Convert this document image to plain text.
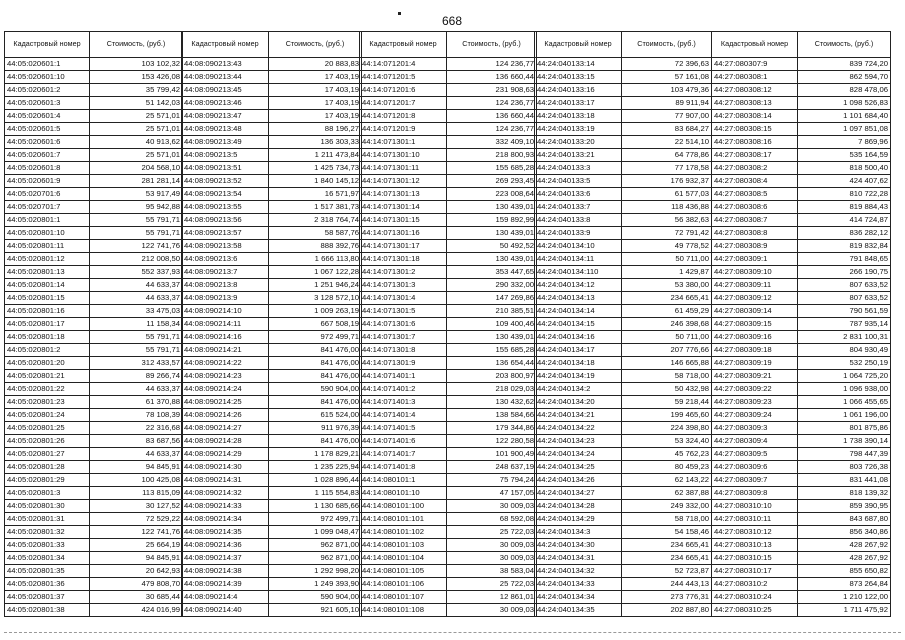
668
Кадастровый номер	Стоимость, (руб.)
44:05:020601:1	103 102,32
44:05:020601:10	153 426,08
44:05:020601:2	35 799,42
44:05:020601:3	51 142,03
44:05:020601:4	25 571,01
44:05:020601:5	25 571,01
44:05:020601:6	40 913,62
44:05:020601:7	25 571,01
44:05:020601:8	204 568,10
44:05:020601:9	281 281,14
44:05:020701:6	53 917,49
44:05:020701:7	95 942,88
44:05:020801:1	55 791,71
44:05:020801:10	55 791,71
44:05:020801:11	122 741,76
44:05:020801:12	212 008,50
44:05:020801:13	552 337,93
44:05:020801:14	44 633,37
44:05:020801:15	44 633,37
44:05:020801:16	33 475,03
44:05:020801:17	11 158,34
44:05:020801:18	55 791,71
44:05:020801:2	55 791,71
44:05:020801:20	312 433,57
44:05:020801:21	89 266,74
44:05:020801:22	44 633,37
44:05:020801:23	61 370,88
44:05:020801:24	78 108,39
44:05:020801:25	22 316,68
44:05:020801:26	83 687,56
44:05:020801:27	44 633,37
44:05:020801:28	94 845,91
44:05:020801:29	100 425,08
44:05:020801:3	113 815,09
44:05:020801:30	30 127,52
44:05:020801:31	72 529,22
44:05:020801:32	122 741,76
44:05:020801:33	25 664,19
44:05:020801:34	94 845,91
44:05:020801:35	20 642,93
44:05:020801:36	479 808,70
44:05:020801:37	30 685,44
44:05:020801:38	424 016,99
Кадастровый номер	Стоимость, (руб.)
44:08:090213:43	20 883,83
44:08:090213:44	17 403,19
44:08:090213:45	17 403,19
44:08:090213:46	17 403,19
44:08:090213:47	17 403,19
44:08:090213:48	88 196,27
44:08:090213:49	136 303,33
44:08:090213:5	1 211 473,84
44:08:090213:51	1 425 734,73
44:08:090213:52	1 840 145,12
44:08:090213:54	16 571,97
44:08:090213:55	1 517 381,73
44:08:090213:56	2 318 764,74
44:08:090213:57	58 587,76
44:08:090213:58	888 392,76
44:08:090213:6	1 666 113,80
44:08:090213:7	1 067 122,28
44:08:090213:8	1 251 946,24
44:08:090213:9	3 128 572,10
44:08:090214:10	1 009 263,19
44:08:090214:11	667 508,19
44:08:090214:16	972 499,71
44:08:090214:21	841 476,00
44:08:090214:22	841 476,00
44:08:090214:23	841 476,00
44:08:090214:24	590 904,00
44:08:090214:25	841 476,00
44:08:090214:26	615 524,00
44:08:090214:27	911 976,39
44:08:090214:28	841 476,00
44:08:090214:29	1 178 829,21
44:08:090214:30	1 235 225,94
44:08:090214:31	1 028 896,44
44:08:090214:32	1 115 554,83
44:08:090214:33	1 130 685,66
44:08:090214:34	972 499,71
44:08:090214:35	1 099 048,47
44:08:090214:36	962 871,00
44:08:090214:37	962 871,00
44:08:090214:38	1 292 998,20
44:08:090214:39	1 249 393,90
44:08:090214:4	590 904,00
44:08:090214:40	921 605,10
Кадастровый номер	Стоимость, (руб.)
44:14:071201:4	124 236,77
44:14:071201:5	136 660,44
44:14:071201:6	231 908,63
44:14:071201:7	124 236,77
44:14:071201:8	136 660,44
44:14:071201:9	124 236,77
44:14:071301:1	332 409,10
44:14:071301:10	218 800,93
44:14:071301:11	155 685,28
44:14:071301:12	269 293,45
44:14:071301:13	223 008,64
44:14:071301:14	130 439,01
44:14:071301:15	159 892,99
44:14:071301:16	130 439,01
44:14:071301:17	50 492,52
44:14:071301:18	130 439,01
44:14:071301:2	353 447,65
44:14:071301:3	290 332,00
44:14:071301:4	147 269,86
44:14:071301:5	210 385,51
44:14:071301:6	109 400,46
44:14:071301:7	130 439,01
44:14:071301:8	155 685,28
44:14:071301:9	136 654,44
44:14:071401:1	203 800,97
44:14:071401:2	218 029,03
44:14:071401:3	130 432,62
44:14:071401:4	138 584,66
44:14:071401:5	179 344,86
44:14:071401:6	122 280,58
44:14:071401:7	101 900,49
44:14:071401:8	248 637,19
44:14:080101:1	75 794,24
44:14:080101:10	47 157,05
44:14:080101:100	30 009,03
44:14:080101:101	68 592,08
44:14:080101:102	25 722,03
44:14:080101:103	30 009,03
44:14:080101:104	30 009,03
44:14:080101:105	38 583,04
44:14:080101:106	25 722,03
44:14:080101:107	12 861,01
44:14:080101:108	30 009,03
Кадастровый номер	Стоимость, (руб.)
44:24:040133:14	72 396,63
44:24:040133:15	57 161,08
44:24:040133:16	103 479,36
44:24:040133:17	89 911,94
44:24:040133:18	77 907,00
44:24:040133:19	83 684,27
44:24:040133:20	22 514,10
44:24:040133:21	64 778,86
44:24:040133:3	77 178,58
44:24:040133:5	176 932,37
44:24:040133:6	61 577,03
44:24:040133:7	118 436,88
44:24:040133:8	56 382,63
44:24:040133:9	72 791,42
44:24:040134:10	49 778,52
44:24:040134:11	50 711,00
44:24:040134:110	1 429,87
44:24:040134:12	53 380,00
44:24:040134:13	234 665,41
44:24:040134:14	61 459,29
44:24:040134:15	246 398,68
44:24:040134:16	50 711,00
44:24:040134:17	207 776,66
44:24:040134:18	146 665,88
44:24:040134:19	58 718,00
44:24:040134:2	50 432,98
44:24:040134:20	59 218,44
44:24:040134:21	199 465,60
44:24:040134:22	224 398,80
44:24:040134:23	53 324,40
44:24:040134:24	45 762,23
44:24:040134:25	80 459,23
44:24:040134:26	62 143,22
44:24:040134:27	62 387,88
44:24:040134:28	249 332,00
44:24:040134:29	58 718,00
44:24:040134:3	54 158,46
44:24:040134:30	234 665,41
44:24:040134:31	234 665,41
44:24:040134:32	52 723,87
44:24:040134:33	244 443,13
44:24:040134:34	273 776,31
44:24:040134:35	202 887,80
Кадастровый номер	Стоимость, (руб.)
44:27:080307:9	839 724,20
44:27:080308:1	862 594,70
44:27:080308:12	828 478,06
44:27:080308:13	1 098 526,83
44:27:080308:14	1 101 684,40
44:27:080308:15	1 097 851,08
44:27:080308:16	7 869,96
44:27:080308:17	535 164,59
44:27:080308:2	818 500,40
44:27:080308:4	424 407,62
44:27:080308:5	810 722,28
44:27:080308:6	819 884,43
44:27:080308:7	414 724,87
44:27:080308:8	836 282,12
44:27:080308:9	819 832,84
44:27:080309:1	791 848,65
44:27:080309:10	266 190,75
44:27:080309:11	807 633,52
44:27:080309:12	807 633,52
44:27:080309:14	790 561,59
44:27:080309:15	787 935,14
44:27:080309:16	2 831 100,31
44:27:080309:18	804 930,49
44:27:080309:19	532 250,19
44:27:080309:21	1 064 725,20
44:27:080309:22	1 096 938,00
44:27:080309:23	1 066 455,65
44:27:080309:24	1 061 196,00
44:27:080309:3	801 875,86
44:27:080309:4	1 738 390,14
44:27:080309:5	798 447,39
44:27:080309:6	803 726,38
44:27:080309:7	831 441,08
44:27:080309:8	818 139,32
44:27:080310:10	859 390,95
44:27:080310:11	843 687,80
44:27:080310:12	856 340,86
44:27:080310:13	428 267,92
44:27:080310:15	428 267,92
44:27:080310:17	855 650,82
44:27:080310:2	873 264,84
44:27:080310:24	1 210 122,00
44:27:080310:25	1 711 475,92
